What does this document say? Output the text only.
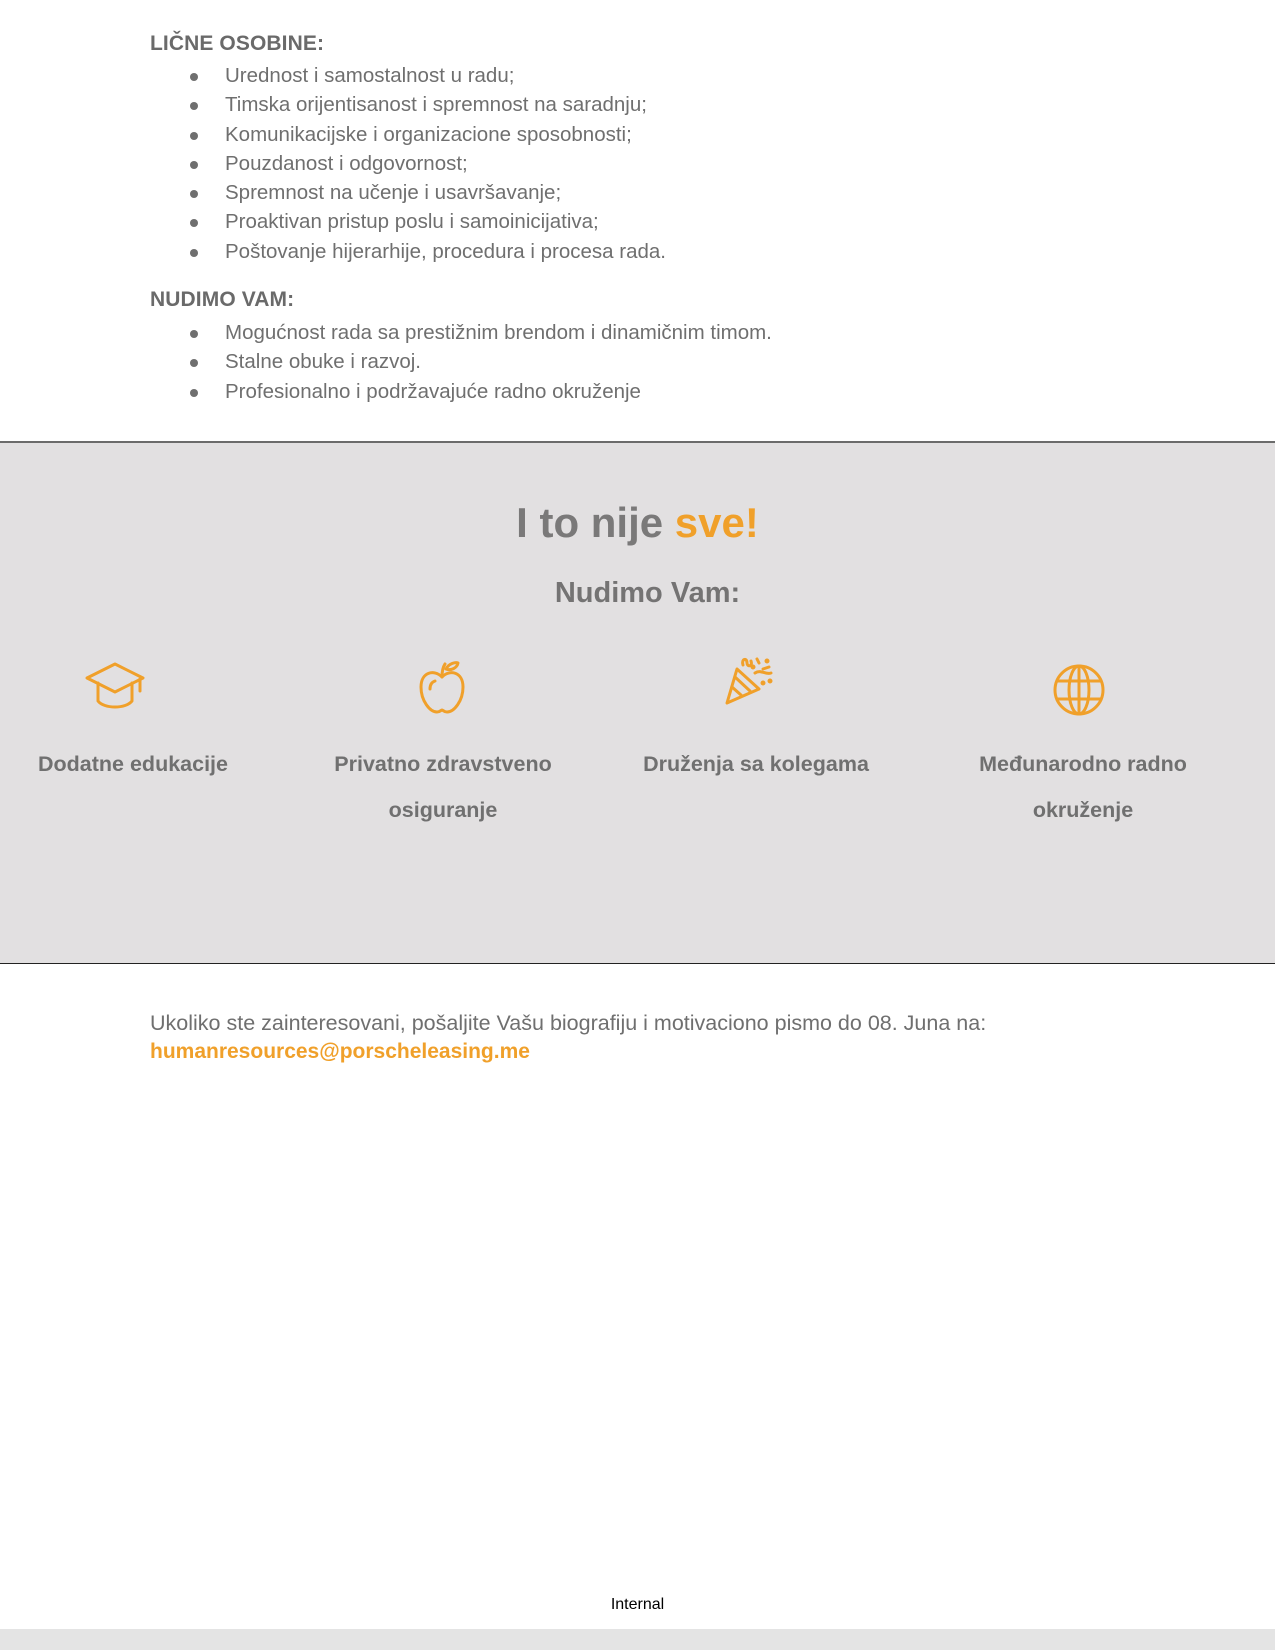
LIČNE OSOBINE:
Urednost i samostalnost u radu;
Timska orijentisanost i spremnost na saradnju;
Komunikacijske i organizacione sposobnosti;
Pouzdanost i odgovornost;
Spremnost na učenje i usavršavanje;
Proaktivan pristup poslu i samoinicijativa;
Poštovanje hijerarhije, procedura i procesa rada.
NUDIMO VAM:
Mogućnost rada sa prestižnim brendom i dinamičnim timom.
Stalne obuke i razvoj.
Profesionalno i podržavajuće radno okruženje
I to nije sve!
Nudimo Vam:
Dodatne edukacije	Privatno zdravstveno
osiguranje
Druženja sa kolegama	Međunarodno radno
okruženje

Ukoliko ste zainteresovani, pošaljite Vašu biografiju i motivaciono pismo do 08. Juna na:

humanresources@porscheleasing.me

Internal
